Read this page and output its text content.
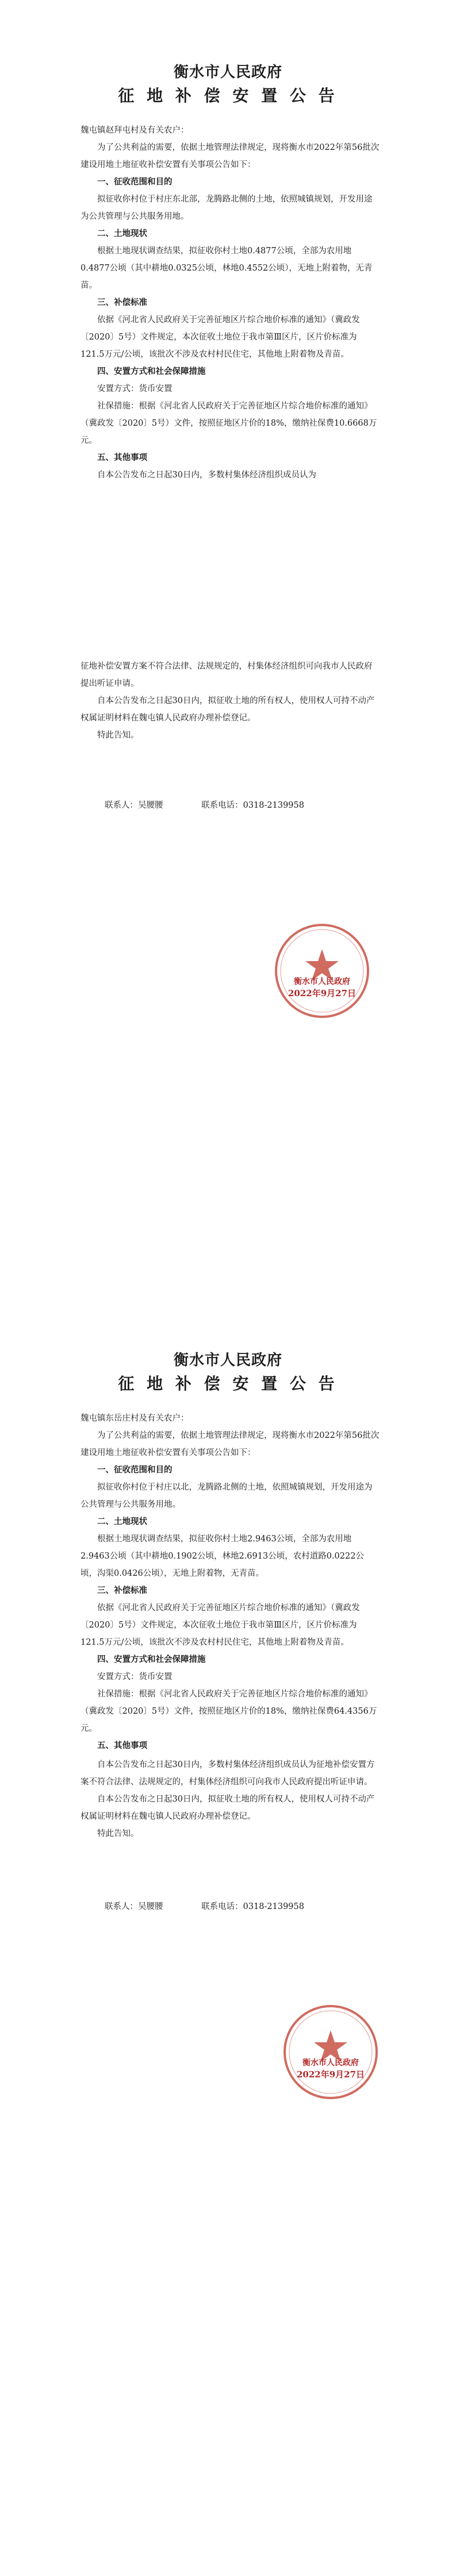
衡水市人民政府
征 地 补 偿 安 置 公 告

魏屯镇赵拜屯村及有关农户：

为了公共利益的需要，依据土地管理法律规定，现将衡水市2022年第56批次建设用地土地征收补偿安置有关事项公告如下：

一、征收范围和目的

拟征收你村位于村庄东北部，龙腾路北侧的土地，依照城镇规划，开发用途为公共管理与公共服务用地。

二、土地现状

根据土地现状调查结果，拟征收你村土地0.4877公顷，全部为农用地0.4877公顷（其中耕地0.0325公顷，林地0.4552公顷），无地上附着物，无青苗。

三、补偿标准

依据《河北省人民政府关于完善征地区片综合地价标准的通知》（冀政发〔2020〕5号）文件规定，本次征收土地位于我市第Ⅲ区片，区片价标准为121.5万元/公顷，该批次不涉及农村村民住宅，其他地上附着物及青苗。

四、安置方式和社会保障措施

安置方式：货币安置

社保措施：根据《河北省人民政府关于完善征地区片综合地价标准的通知》（冀政发〔2020〕5号）文件，按照征地区片价的18%，缴纳社保费10.6668万元。

五、其他事项

自本公告发布之日起30日内，多数村集体经济组织成员认为

征地补偿安置方案不符合法律、法规规定的，村集体经济组织可向我市人民政府提出听证申请。

自本公告发布之日起30日内，拟征收土地的所有权人，使用权人可持不动产权属证明材料在魏屯镇人民政府办理补偿登记。

特此告知。

联系人：吴腰腰	联系电话：0318-2139958
衡水市人民政府
2022年9月27日
衡水市人民政府
征 地 补 偿 安 置 公 告

魏屯镇东岳庄村及有关农户：

为了公共利益的需要，依据土地管理法律规定，现将衡水市2022年第56批次建设用地土地征收补偿安置有关事项公告如下：

一、征收范围和目的

拟征收你村位于村庄以北，龙腾路北侧的土地，依照城镇规划，开发用途为公共管理与公共服务用地。

二、土地现状

根据土地现状调查结果，拟征收你村土地2.9463公顷，全部为农用地2.9463公顷（其中耕地0.1902公顷，林地2.6913公顷，农村道路0.0222公顷，沟渠0.0426公顷），无地上附着物，无青苗。

三、补偿标准

依据《河北省人民政府关于完善征地区片综合地价标准的通知》（冀政发〔2020〕5号）文件规定，本次征收土地位于我市第Ⅲ区片，区片价标准为121.5万元/公顷，该批次不涉及农村村民住宅，其他地上附着物及青苗。

四、安置方式和社会保障措施

安置方式：货币安置

社保措施：根据《河北省人民政府关于完善征地区片综合地价标准的通知》（冀政发〔2020〕5号）文件，按照征地区片价的18%，缴纳社保费64.4356万元。

五、其他事项

自本公告发布之日起30日内，多数村集体经济组织成员认为征地补偿安置方案不符合法律、法规规定的，村集体经济组织可向我市人民政府提出听证申请。

自本公告发布之日起30日内，拟征收土地的所有权人，使用权人可持不动产权属证明材料在魏屯镇人民政府办理补偿登记。

特此告知。

联系人：吴腰腰	联系电话：0318-2139958
衡水市人民政府
2022年9月27日
